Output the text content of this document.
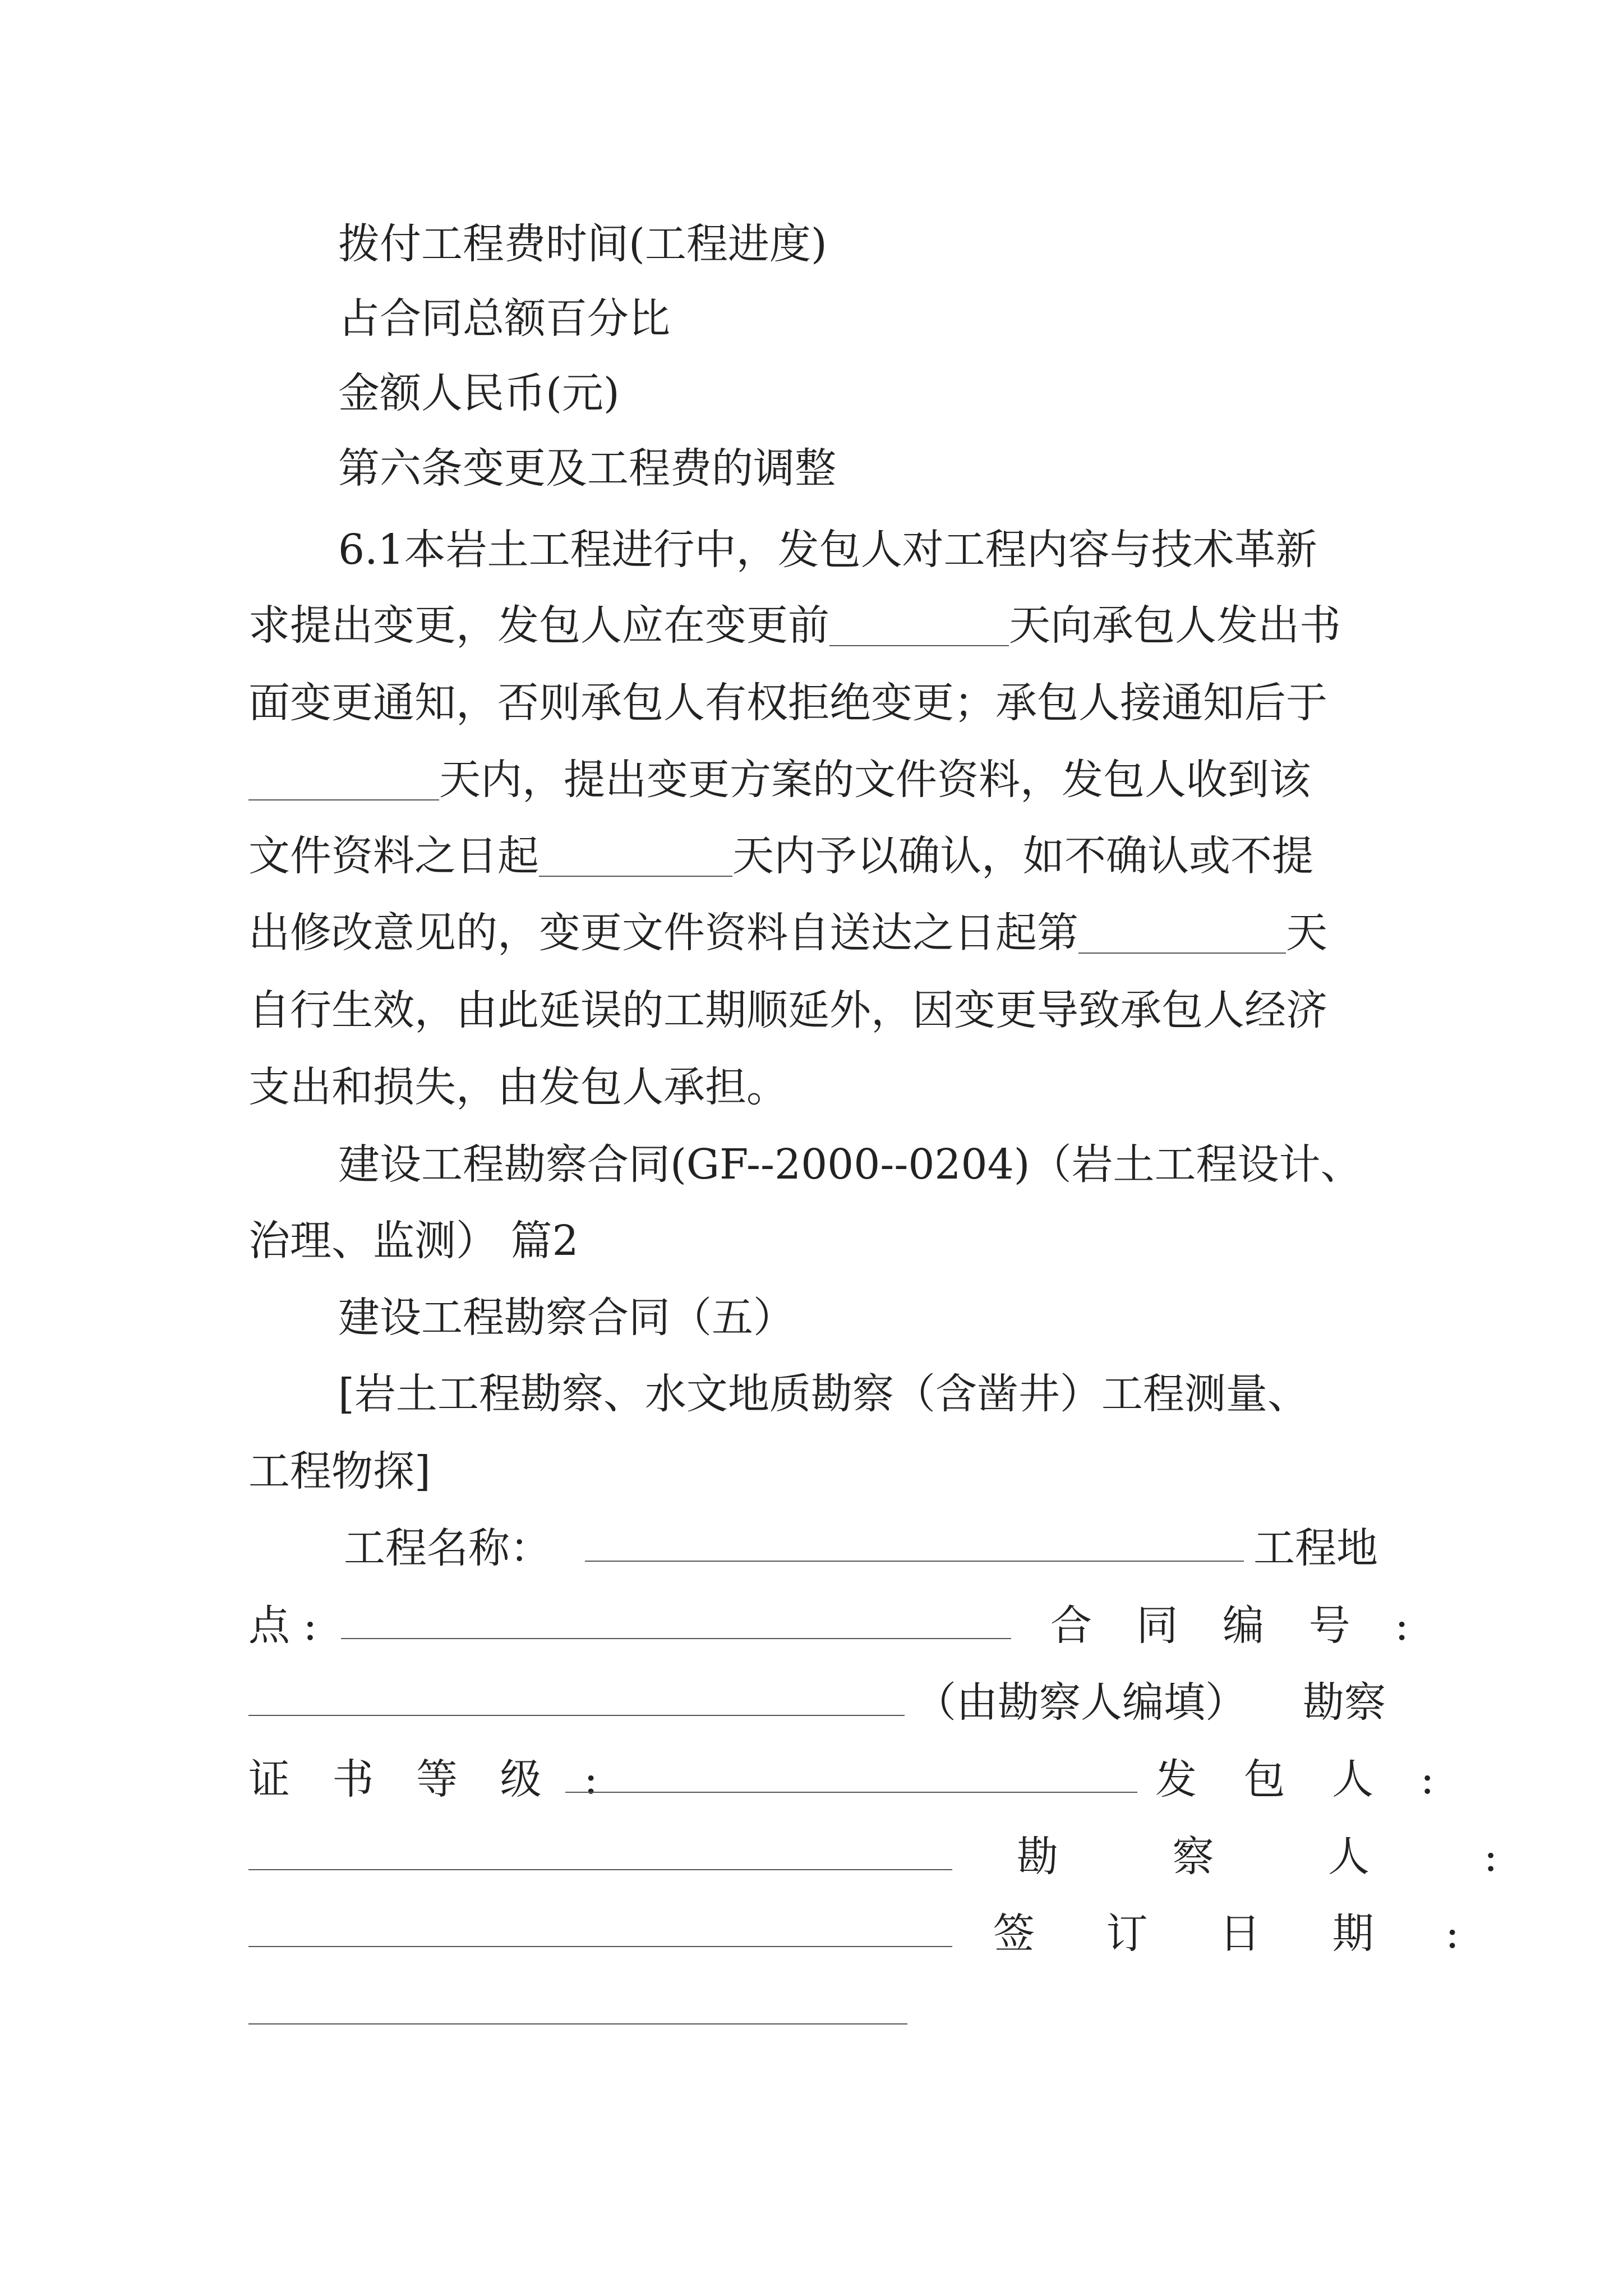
拨付工程费时间(工程进度)
占合同总额百分比
金额人民币(元)
第六条变更及工程费的调整
6.1本岩土工程进行中，发包人对工程内容与技术革新
求提出变更，发包人应在变更前	天向承包人发出书
面变更通知，否则承包人有权拒绝变更；承包人接通知后于
天内，提出变更方案的文件资料，发包人收到该
文件资料之日起	天内予以确认，如不确认或不提
出修改意见的，变更文件资料自送达之日起第	天
自行生效，由此延误的工期顺延外，因变更导致承包人经济
支出和损失，由发包人承担。
建设工程勘察合同(GF--2000--0204)（岩土工程设计、
治理、监测） 篇2
建设工程勘察合同（五）
[岩土工程勘察、水文地质勘察（含凿井）工程测量、
工程物探]
工程名称：	工程地
点 :	合 同 编 号 :
（由勘察人编填） 勘察
证 书 等 级 :	发 包 人 :
勘 察 人 :
签 订 日 期 :
